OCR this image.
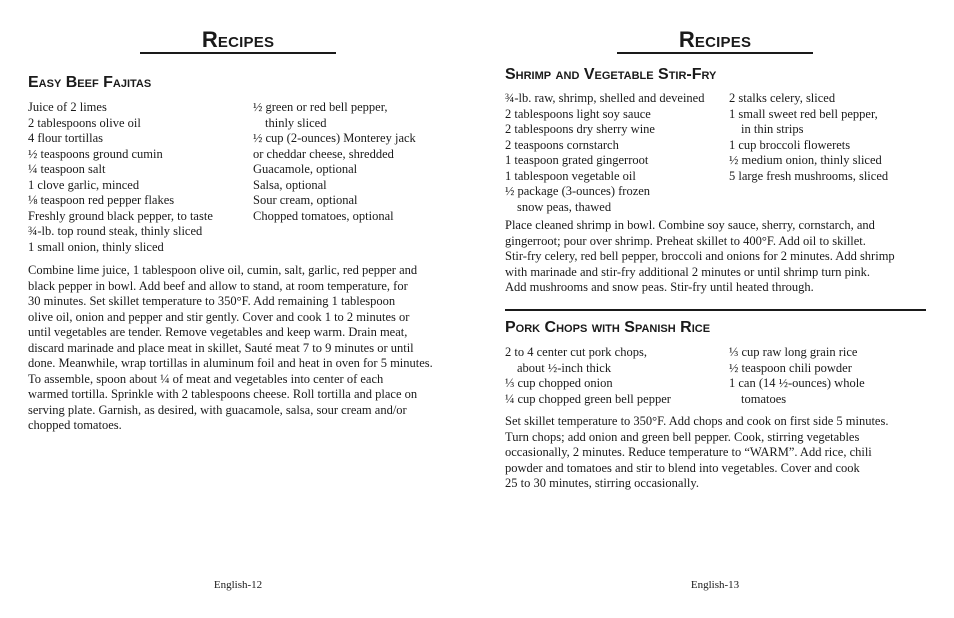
Recipes
Easy Beef Fajitas
Juice of 2 limes
2 tablespoons olive oil
4 flour tortillas
½ teaspoons ground cumin
¼ teaspoon salt
1 clove garlic, minced
⅛ teaspoon red pepper flakes
Freshly ground black pepper, to taste
¾-lb. top round steak, thinly sliced
1 small onion, thinly sliced
½ green or red bell pepper,
thinly sliced
½ cup (2-ounces) Monterey jack
or cheddar cheese, shredded
Guacamole, optional
Salsa, optional
Sour cream, optional
Chopped tomatoes, optional
Combine lime juice, 1 tablespoon olive oil, cumin, salt, garlic, red pepper and
black pepper in bowl. Add beef and allow to stand, at room temperature, for
30 minutes. Set skillet temperature to 350°F. Add remaining 1 tablespoon
olive oil, onion and pepper and stir gently. Cover and cook 1 to 2 minutes or
until vegetables are tender. Remove vegetables and keep warm. Drain meat,
discard marinade and place meat in skillet, Sauté meat 7 to 9 minutes or until
done. Meanwhile, wrap tortillas in aluminum foil and heat in oven for 5 minutes.
To assemble, spoon about ¼ of meat and vegetables into center of each
warmed tortilla. Sprinkle with 2 tablespoons cheese. Roll tortilla and place on
serving plate. Garnish, as desired, with guacamole, salsa, sour cream and/or
chopped tomatoes.
English-12
Recipes
Shrimp and Vegetable Stir-Fry
¾-lb. raw, shrimp, shelled and deveined
2 tablespoons light soy sauce
2 tablespoons dry sherry wine
2 teaspoons cornstarch
1 teaspoon grated gingerroot
1 tablespoon vegetable oil
½ package (3-ounces) frozen
snow peas, thawed
2 stalks celery, sliced
1 small sweet red bell pepper,
in thin strips
1 cup broccoli flowerets
½ medium onion, thinly sliced
5 large fresh mushrooms, sliced
Place cleaned shrimp in bowl. Combine soy sauce, sherry, cornstarch, and
gingerroot; pour over shrimp. Preheat skillet to 400°F. Add oil to skillet.
Stir-fry celery, red bell pepper, broccoli and onions for 2 minutes. Add shrimp
with marinade and stir-fry additional 2 minutes or until shrimp turn pink.
Add mushrooms and snow peas. Stir-fry until heated through.
Pork Chops with Spanish Rice
2 to 4 center cut pork chops,
about ½-inch thick
⅓ cup chopped onion
¼ cup chopped green bell pepper
⅓ cup raw long grain rice
½ teaspoon chili powder
1 can (14 ½-ounces) whole
tomatoes
Set skillet temperature to 350°F. Add chops and cook on first side 5 minutes.
Turn chops; add onion and green bell pepper. Cook, stirring vegetables
occasionally, 2 minutes. Reduce temperature to “WARM”. Add rice, chili
powder and tomatoes and stir to blend into vegetables. Cover and cook
25 to 30 minutes, stirring occasionally.
English-13
